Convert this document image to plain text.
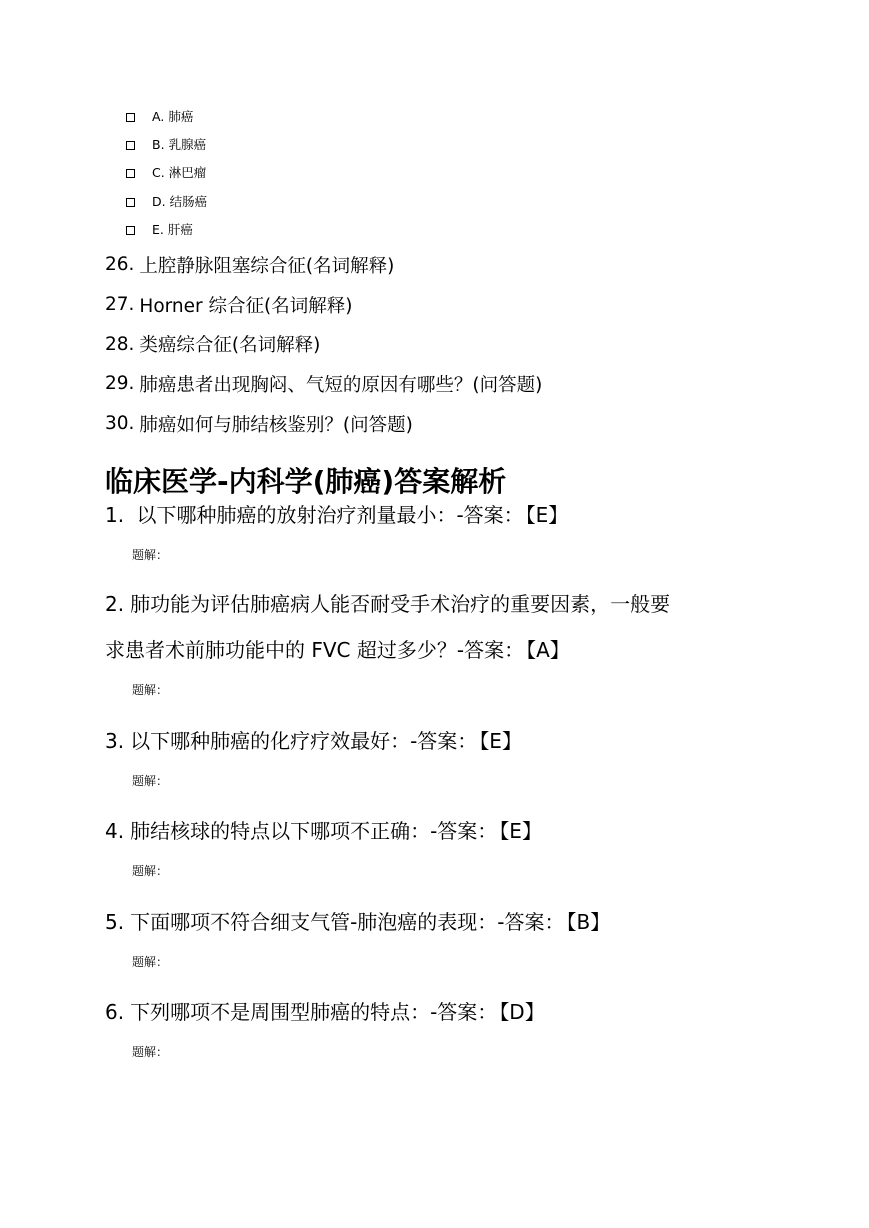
A. 肺癌
B. 乳腺癌
C. 淋巴瘤
D. 结肠癌
E. 肝癌
26. 上腔静脉阻塞综合征(名词解释)
27. Horner 综合征(名词解释)
28. 类癌综合征(名词解释)
29. 肺癌患者出现胸闷、气短的原因有哪些？(问答题)
30. 肺癌如何与肺结核鉴别？(问答题)
临床医学-内科学(肺癌)答案解析
1. 以下哪种肺癌的放射治疗剂量最小：-答案： 【E】
题解：
2. 肺功能为评估肺癌病人能否耐受手术治疗的重要因素，一般要
求患者术前肺功能中的 FVC 超过多少？-答案： 【A】
题解：
3. 以下哪种肺癌的化疗疗效最好：-答案： 【E】
题解：
4. 肺结核球的特点以下哪项不正确：-答案： 【E】
题解：
5. 下面哪项不符合细支气管-肺泡癌的表现：-答案： 【B】
题解：
6. 下列哪项不是周围型肺癌的特点：-答案： 【D】
题解：
